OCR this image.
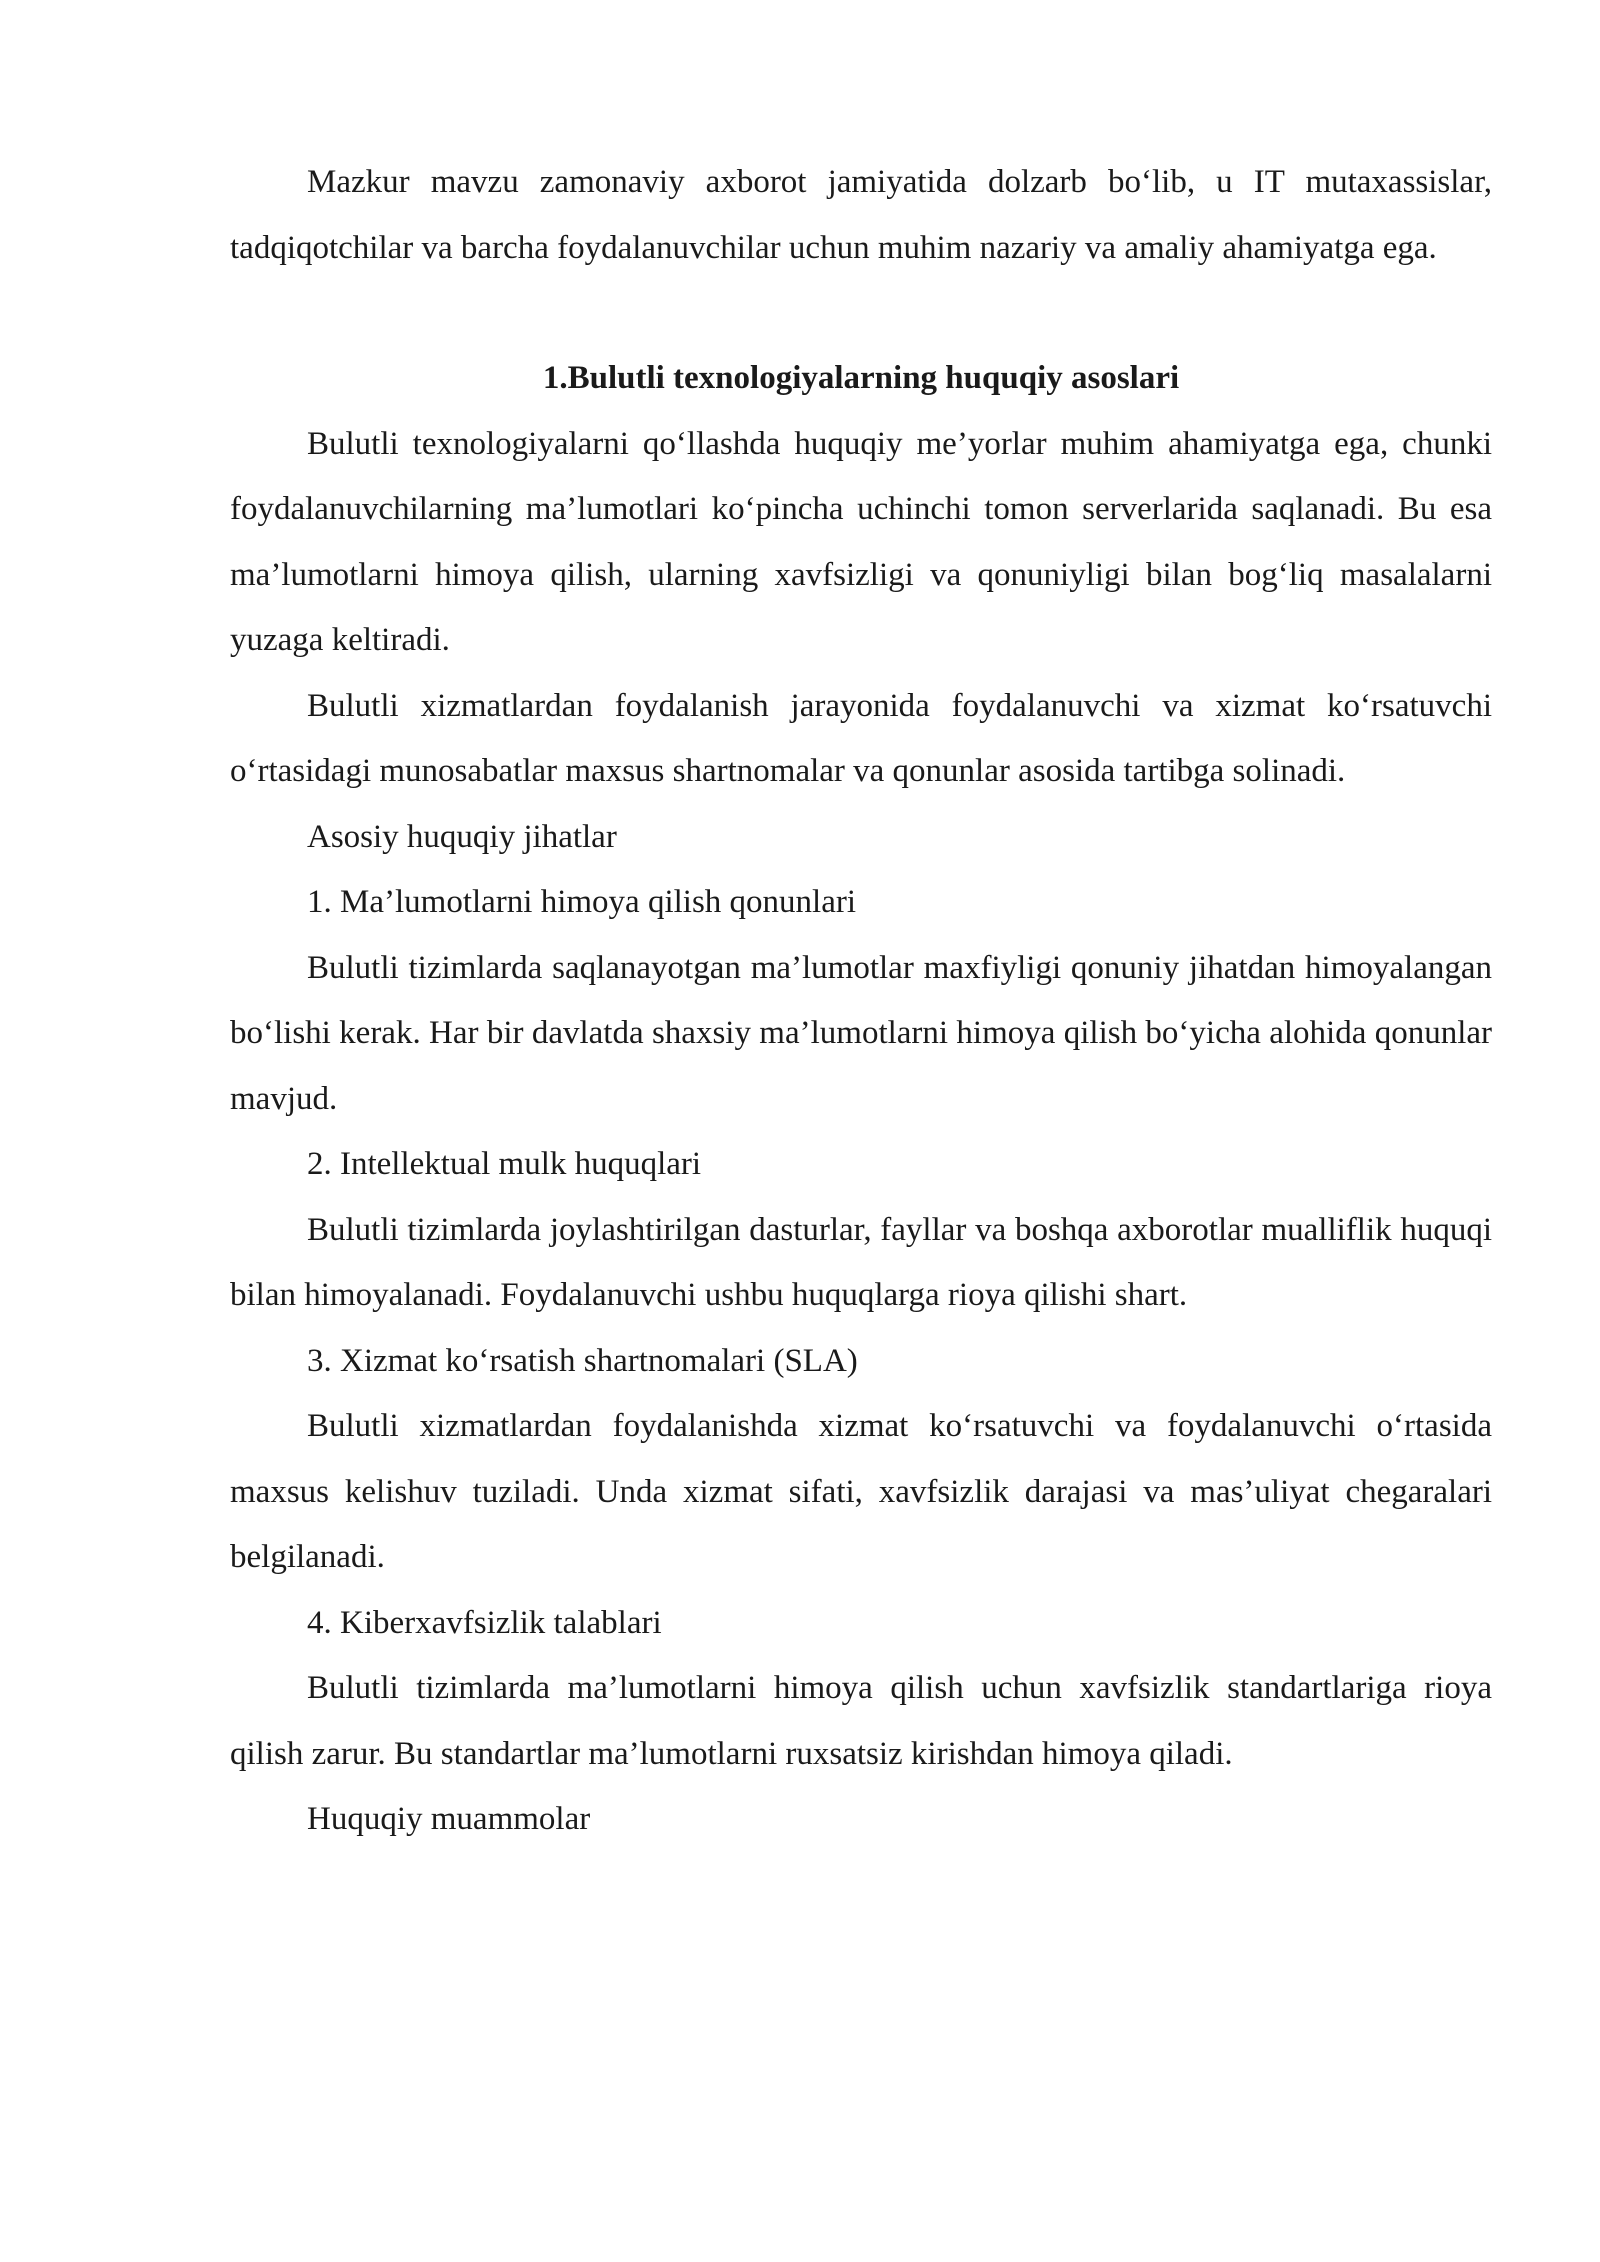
Mazkur mavzu zamonaviy axborot jamiyatida dolzarb bo‘lib, u IT mutaxassislar, tadqiqotchilar va barcha foydalanuvchilar uchun muhim nazariy va amaliy ahamiyatga ega.

1.Bulutli texnologiyalarning huquqiy asoslari

Bulutli texnologiyalarni qo‘llashda huquqiy me’yorlar muhim ahamiyatga ega, chunki foydalanuvchilarning ma’lumotlari ko‘pincha uchinchi tomon serverlarida saqlanadi. Bu esa ma’lumotlarni himoya qilish, ularning xavfsizligi va qonuniyligi bilan bog‘liq masalalarni yuzaga keltiradi.

Bulutli xizmatlardan foydalanish jarayonida foydalanuvchi va xizmat ko‘rsatuvchi o‘rtasidagi munosabatlar maxsus shartnomalar va qonunlar asosida tartibga solinadi.

Asosiy huquqiy jihatlar

1. Ma’lumotlarni himoya qilish qonunlari

Bulutli tizimlarda saqlanayotgan ma’lumotlar maxfiyligi qonuniy jihatdan himoyalangan bo‘lishi kerak. Har bir davlatda shaxsiy ma’lumotlarni himoya qilish bo‘yicha alohida qonunlar mavjud.

2. Intellektual mulk huquqlari

Bulutli tizimlarda joylashtirilgan dasturlar, fayllar va boshqa axborotlar mualliflik huquqi bilan himoyalanadi. Foydalanuvchi ushbu huquqlarga rioya qilishi shart.

3. Xizmat ko‘rsatish shartnomalari (SLA)

Bulutli xizmatlardan foydalanishda xizmat ko‘rsatuvchi va foydalanuvchi o‘rtasida maxsus kelishuv tuziladi. Unda xizmat sifati, xavfsizlik darajasi va mas’uliyat chegaralari belgilanadi.

4. Kiberxavfsizlik talablari

Bulutli tizimlarda ma’lumotlarni himoya qilish uchun xavfsizlik standartlariga rioya qilish zarur. Bu standartlar ma’lumotlarni ruxsatsiz kirishdan himoya qiladi.

Huquqiy muammolar
